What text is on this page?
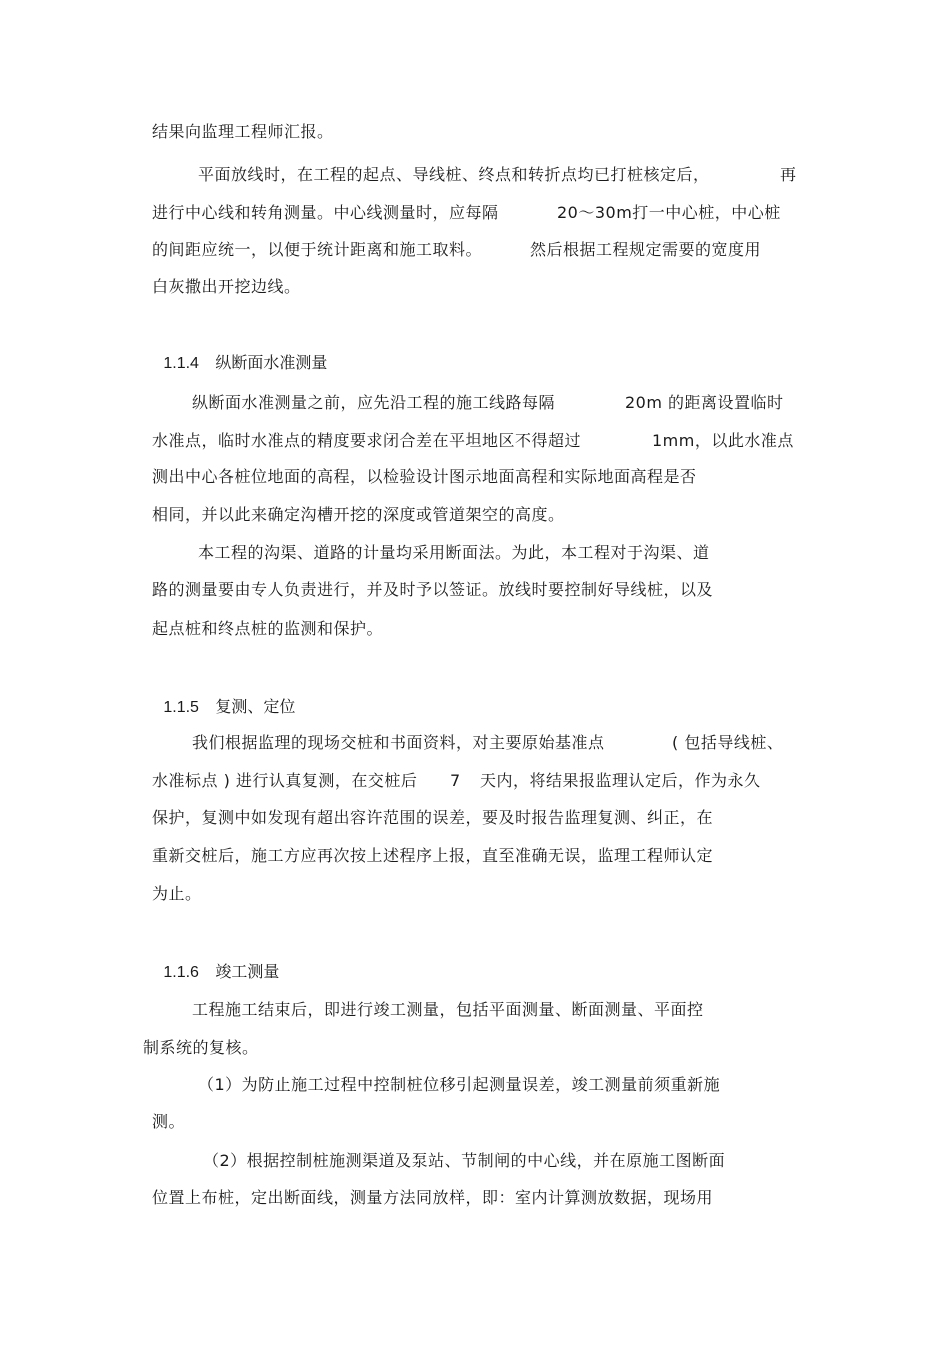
结果向监理工程师汇报。
平面放线时，在工程的起点、导线桩、终点和转折点均已打桩核定后，	再
进行中心线和转角测量。中心线测量时，应每隔	20～30m打一中心桩，中心桩
的间距应统一，以便于统计距离和施工取料。	然后根据工程规定需要的宽度用
白灰撒出开挖边线。

1.1.4 纵断面水准测量

纵断面水准测量之前，应先沿工程的施工线路每隔	20m 的距离设置临时
水准点，临时水准点的精度要求闭合差在平坦地区不得超过	1mm，以此水准点
测出中心各桩位地面的高程，以检验设计图示地面高程和实际地面高程是否
相同，并以此来确定沟槽开挖的深度或管道架空的高度。
本工程的沟渠、道路的计量均采用断面法。为此，本工程对于沟渠、道
路的测量要由专人负责进行，并及时予以签证。放线时要控制好导线桩，以及
起点桩和终点桩的监测和保护。

1.1.5 复测、定位

我们根据监理的现场交桩和书面资料，对主要原始基准点	( 包括导线桩、
水准标点 ) 进行认真复测，在交桩后 7 天内，将结果报监理认定后，作为永久
保护，复测中如发现有超出容许范围的误差，要及时报告监理复测、纠正，在
重新交桩后，施工方应再次按上述程序上报，直至准确无误，监理工程师认定
为止。

1.1.6 竣工测量

工程施工结束后，即进行竣工测量，包括平面测量、断面测量、平面控
制系统的复核。
（1）为防止施工过程中控制桩位移引起测量误差，竣工测量前须重新施
测。
（2）根据控制桩施测渠道及泵站、节制闸的中心线，并在原施工图断面
位置上布桩，定出断面线，测量方法同放样，即：室内计算测放数据，现场用
